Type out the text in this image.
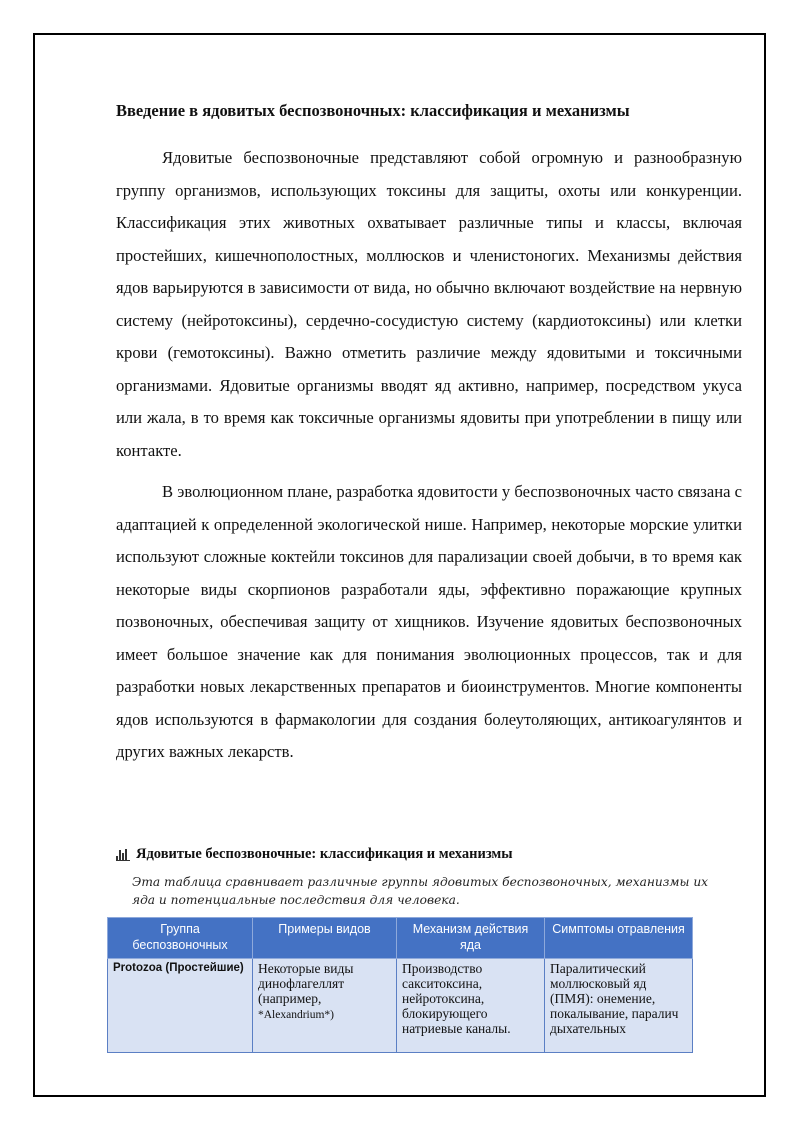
Введение в ядовитых беспозвоночных: классификация и механизмы

Ядовитые беспозвоночные представляют собой огромную и разнообразную группу организмов, использующих токсины для защиты, охоты или конкуренции. Классификация этих животных охватывает различные типы и классы, включая простейших, кишечнополостных, моллюсков и членистоногих. Механизмы действия ядов варьируются в зависимости от вида, но обычно включают воздействие на нервную систему (нейротоксины), сердечно-сосудистую систему (кардиотоксины) или клетки крови (гемотоксины). Важно отметить различие между ядовитыми и токсичными организмами. Ядовитые организмы вводят яд активно, например, посредством укуса или жала, в то время как токсичные организмы ядовиты при употреблении в пищу или контакте.

В эволюционном плане, разработка ядовитости у беспозвоночных часто связана с адаптацией к определенной экологической нише. Например, некоторые морские улитки используют сложные коктейли токсинов для парализации своей добычи, в то время как некоторые виды скорпионов разработали яды, эффективно поражающие крупных позвоночных, обеспечивая защиту от хищников. Изучение ядовитых беспозвоночных имеет большое значение как для понимания эволюционных процессов, так и для разработки новых лекарственных препаратов и биоинструментов. Многие компоненты ядов используются в фармакологии для создания болеутоляющих, антикоагулянтов и других важных лекарств.

Ядовитые беспозвоночные: классификация и механизмы
Эта таблица сравнивает различные группы ядовитых беспозвоночных, механизмы их яда и потенциальные последствия для человека.
Группа беспозвоночных	Примеры видов	Механизм действия яда	Симптомы отравления
Protozoa (Простейшие)	Некоторые виды динофлагеллят (например, *Alexandrium*)	Производство сакситоксина, нейротоксина, блокирующего натриевые каналы.	Паралитический моллюсковый яд (ПМЯ): онемение, покалывание, паралич дыхательных
